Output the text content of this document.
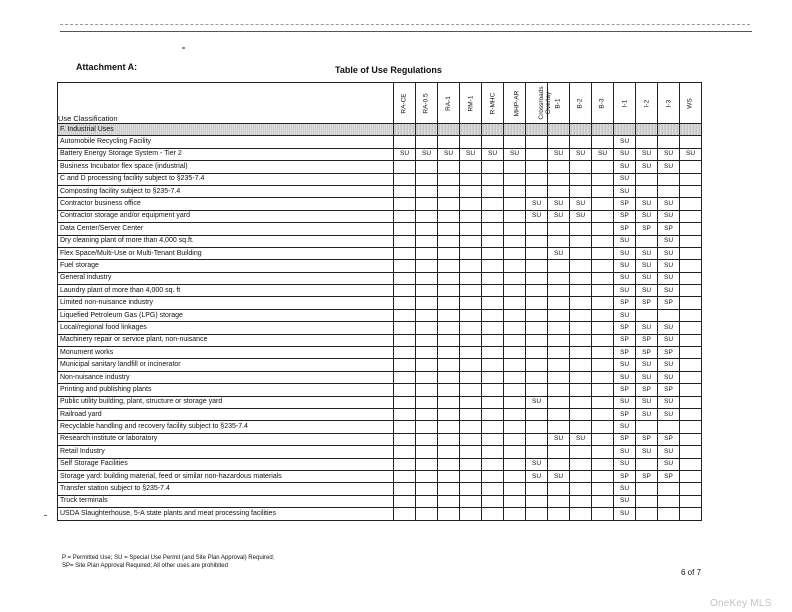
Attachment A:	Table of Use Regulations
Use Classification	RA-CE	RA-0.5	RA-1	RM-1	R-MHC	MHP-AR	Crossroads Overlay	B-1	B-2	B-3	I-1	I-2	I-3	WS
F. Industrial Uses														
Automobile Recycling Facility											SU			
Battery Energy Storage System - Tier 2	SU	SU	SU	SU	SU	SU		SU	SU	SU	SU	SU	SU	SU
Business Incubator flex space (industrial)											SU	SU	SU	
C and D processing facility subject to §235-7.4											SU			
Composting facility subject to §235-7.4											SU			
Contractor business office							SU	SU	SU		SP	SU	SU	
Contractor storage and/or equipment yard							SU	SU	SU		SP	SU	SU	
Data Center/Server Center											SP	SP	SP	
Dry cleaning plant of more than 4,000 sq.ft.											SU		SU	
Flex Space/Multi-Use or Multi-Tenant Building								SU			SU	SU	SU	
Fuel storage											SU	SU	SU	
General industry											SU	SU	SU	
Laundry plant of more than 4,000 sq. ft											SU	SU	SU	
Limited non-nuisance industry											SP	SP	SP	
Liquefied Petroleum Gas (LPG) storage											SU			
Local/regional food linkages											SP	SU	SU	
Machinery repair or service plant, non-nuisance											SP	SP	SU	
Monument works											SP	SP	SP	
Municipal sanitary landfill or incinerator											SU	SU	SU	
Non-nuisance industry											SU	SU	SU	
Printing and publishing plants											SP	SP	SP	
Public utility building, plant, structure or storage yard							SU				SU	SU	SU	
Railroad yard											SP	SU	SU	
Recyclable handling and recovery facility subject to §235-7.4											SU			
Research institute or laboratory								SU	SU		SP	SP	SP	
Retail Industry											SU	SU	SU	
Self Storage Facilities							SU				SU		SU	
Storage yard: building material, feed or similar non-hazardous materials							SU	SU			SP	SP	SP	
Transfer station subject to §235-7.4											SU			
Truck terminals											SU			
USDA Slaughterhouse, 5-A state plants and meat processing facilities											SU			
P = Permitted Use; SU = Special Use Permit (and Site Plan Approval) Required;
SP= Site Plan Approval Required; All other uses are prohibited
6 of 7
OneKey MLS
